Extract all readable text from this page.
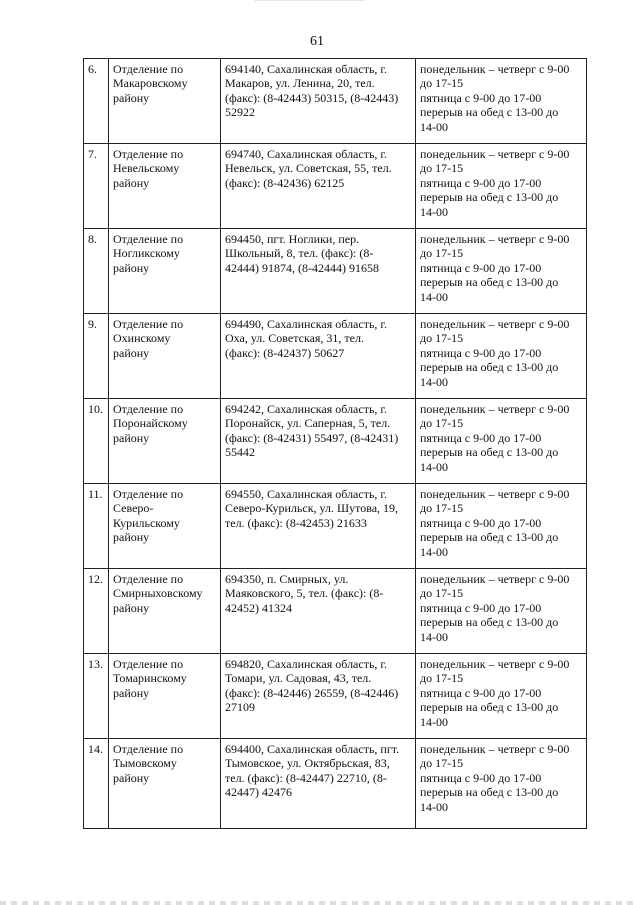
61
6.	Отделение по
Макаровскому
району	694140, Сахалинская область, г.
Макаров, ул. Ленина, 20, тел.
(факс): (8-42443) 50315, (8-42443)
52922	понедельник – четверг с 9-00
до 17-15
пятница с 9-00 до 17-00
перерыв на обед с 13-00 до
14-00

7.	Отделение по
Невельскому
району	694740, Сахалинская область, г.
Невельск, ул. Советская, 55, тел.
(факс): (8-42436) 62125	понедельник – четверг с 9-00
до 17-15
пятница с 9-00 до 17-00
перерыв на обед с 13-00 до
14-00

8.	Отделение по
Ногликскому
району	694450, пгт. Ноглики, пер.
Школьный, 8, тел. (факс): (8-
42444) 91874, (8-42444) 91658	понедельник – четверг с 9-00
до 17-15
пятница с 9-00 до 17-00
перерыв на обед с 13-00 до
14-00

9.	Отделение по
Охинскому
району	694490, Сахалинская область, г.
Оха, ул. Советская, 31, тел.
(факс): (8-42437) 50627	понедельник – четверг с 9-00
до 17-15
пятница с 9-00 до 17-00
перерыв на обед с 13-00 до
14-00

10.	Отделение по
Поронайскому
району	694242, Сахалинская область, г.
Поронайск, ул. Саперная, 5, тел.
(факс): (8-42431) 55497, (8-42431)
55442	понедельник – четверг с 9-00
до 17-15
пятница с 9-00 до 17-00
перерыв на обед с 13-00 до
14-00

11.	Отделение по
Северо-
Курильскому
району	694550, Сахалинская область, г.
Северо-Курильск, ул. Шутова, 19,
тел. (факс): (8-42453) 21633	понедельник – четверг с 9-00
до 17-15
пятница с 9-00 до 17-00
перерыв на обед с 13-00 до
14-00

12.	Отделение по
Смирныховскому
району	694350, п. Смирных, ул.
Маяковского, 5, тел. (факс): (8-
42452) 41324	понедельник – четверг с 9-00
до 17-15
пятница с 9-00 до 17-00
перерыв на обед с 13-00 до
14-00

13.	Отделение по
Томаринскому
району	694820, Сахалинская область, г.
Томари, ул. Садовая, 43, тел.
(факс): (8-42446) 26559, (8-42446)
27109	понедельник – четверг с 9-00
до 17-15
пятница с 9-00 до 17-00
перерыв на обед с 13-00 до
14-00

14.	Отделение по
Тымовскому
району	694400, Сахалинская область, пгт.
Тымовское, ул. Октябрьская, 83,
тел. (факс): (8-42447) 22710, (8-
42447) 42476	понедельник – четверг с 9-00
до 17-15
пятница с 9-00 до 17-00
перерыв на обед с 13-00 до
14-00
